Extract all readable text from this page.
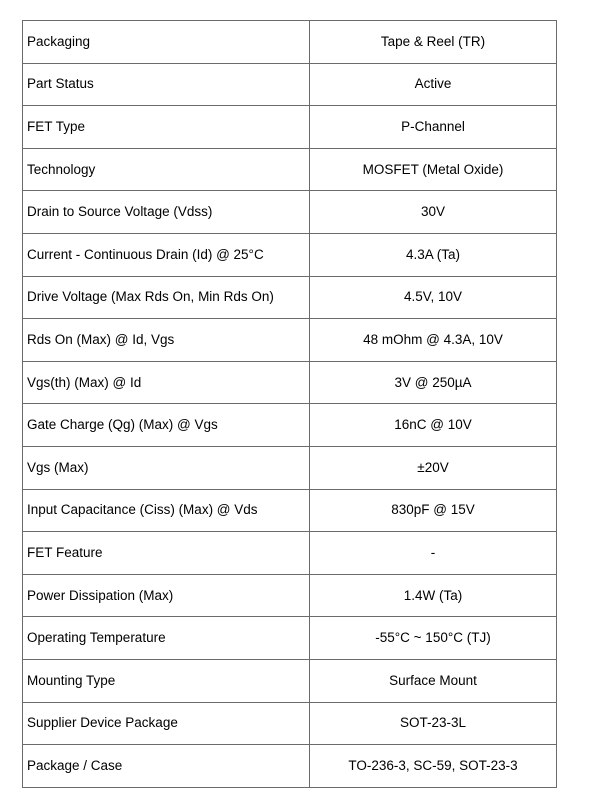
Packaging	Tape & Reel (TR)
Part Status	Active
FET Type	P-Channel
Technology	MOSFET (Metal Oxide)
Drain to Source Voltage (Vdss)	30V
Current - Continuous Drain (Id) @ 25°C	4.3A (Ta)
Drive Voltage (Max Rds On, Min Rds On)	4.5V, 10V
Rds On (Max) @ Id, Vgs	48 mOhm @ 4.3A, 10V
Vgs(th) (Max) @ Id	3V @ 250µA
Gate Charge (Qg) (Max) @ Vgs	16nC @ 10V
Vgs (Max)	±20V
Input Capacitance (Ciss) (Max) @ Vds	830pF @ 15V
FET Feature	-
Power Dissipation (Max)	1.4W (Ta)
Operating Temperature	-55°C ~ 150°C (TJ)
Mounting Type	Surface Mount
Supplier Device Package	SOT-23-3L
Package / Case	TO-236-3, SC-59, SOT-23-3
